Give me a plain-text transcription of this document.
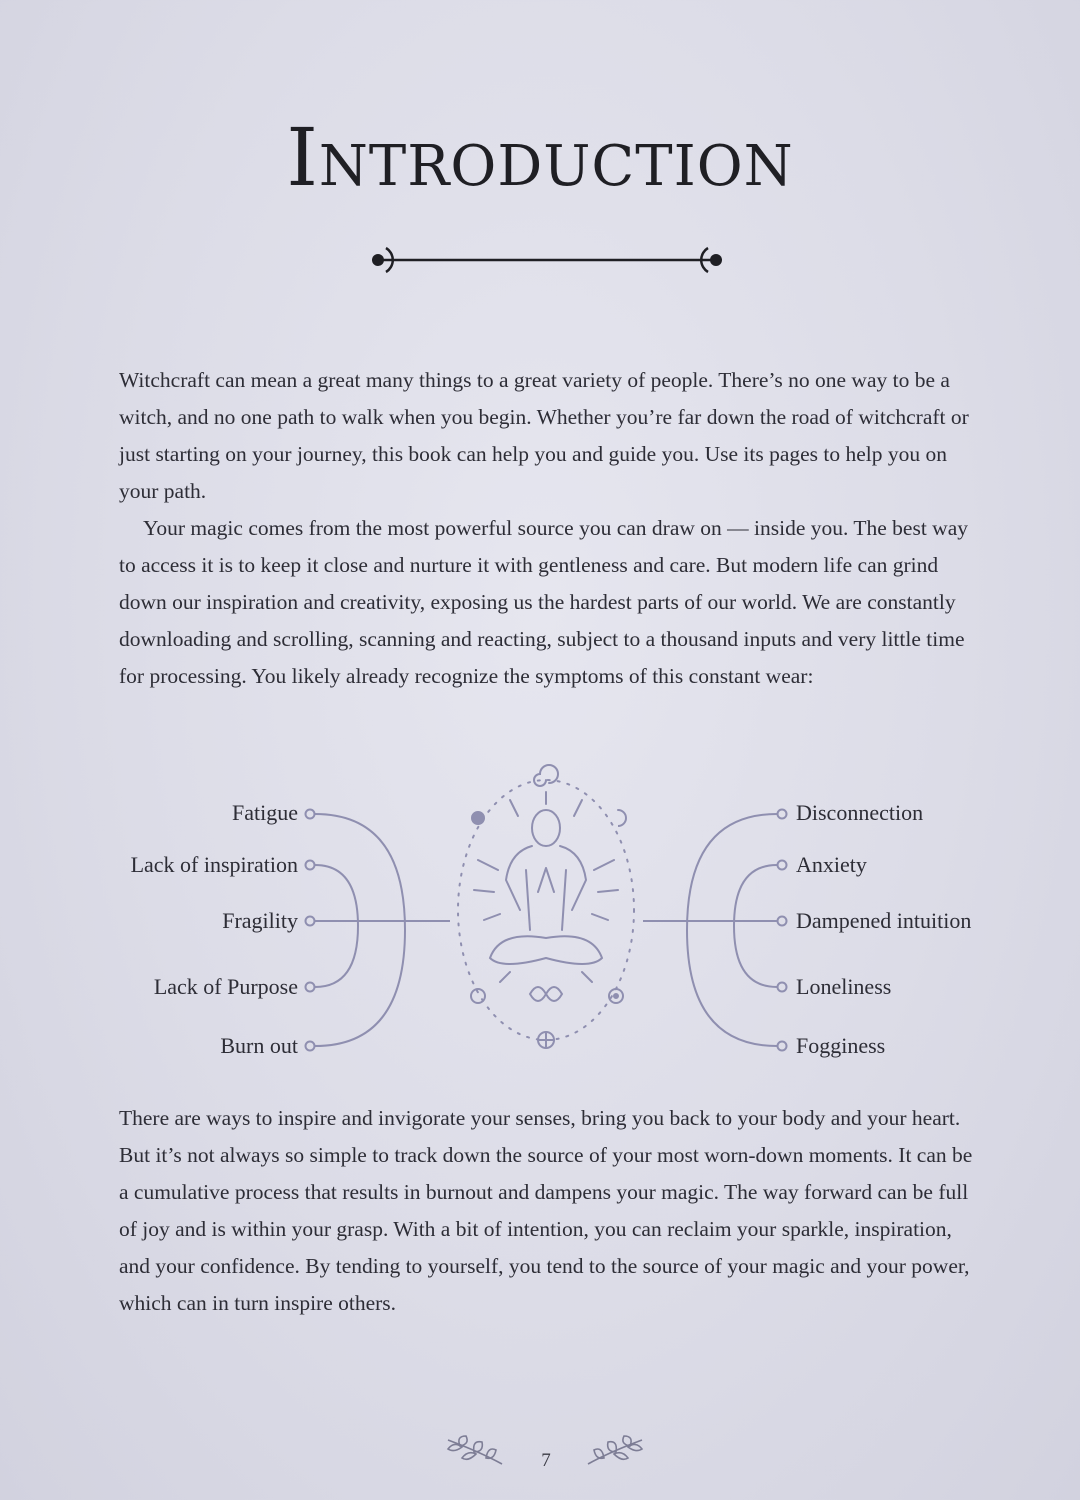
Introduction

Witchcraft can mean a great many things to a great variety of people. There’s no one way to be a witch, and no one path to walk when you begin. Whether you’re far down the road of witchcraft or just starting on your journey, this book can help you and guide you. Use its pages to help you on your path.

Your magic comes from the most powerful source you can draw on — inside you. The best way to access it is to keep it close and nurture it with gentleness and care. But modern life can grind down our inspiration and creativity, exposing us the hardest parts of our world. We are constantly downloading and scrolling, scanning and reacting, subject to a thousand inputs and very little time for processing. You likely already recognize the symptoms of this constant wear:

Fatigue
Lack of inspiration
Fragility
Lack of Purpose
Burn out
Disconnection
Anxiety
Dampened intuition
Loneliness
Fogginess

There are ways to inspire and invigorate your senses, bring you back to your body and your heart. But it’s not always so simple to track down the source of your most worn-down moments. It can be a cumulative process that results in burnout and dampens your magic. The way forward can be full of joy and is within your grasp. With a bit of intention, you can reclaim your sparkle, inspiration, and your confidence. By tending to yourself, you tend to the source of your magic and your power, which can in turn inspire others.

7
